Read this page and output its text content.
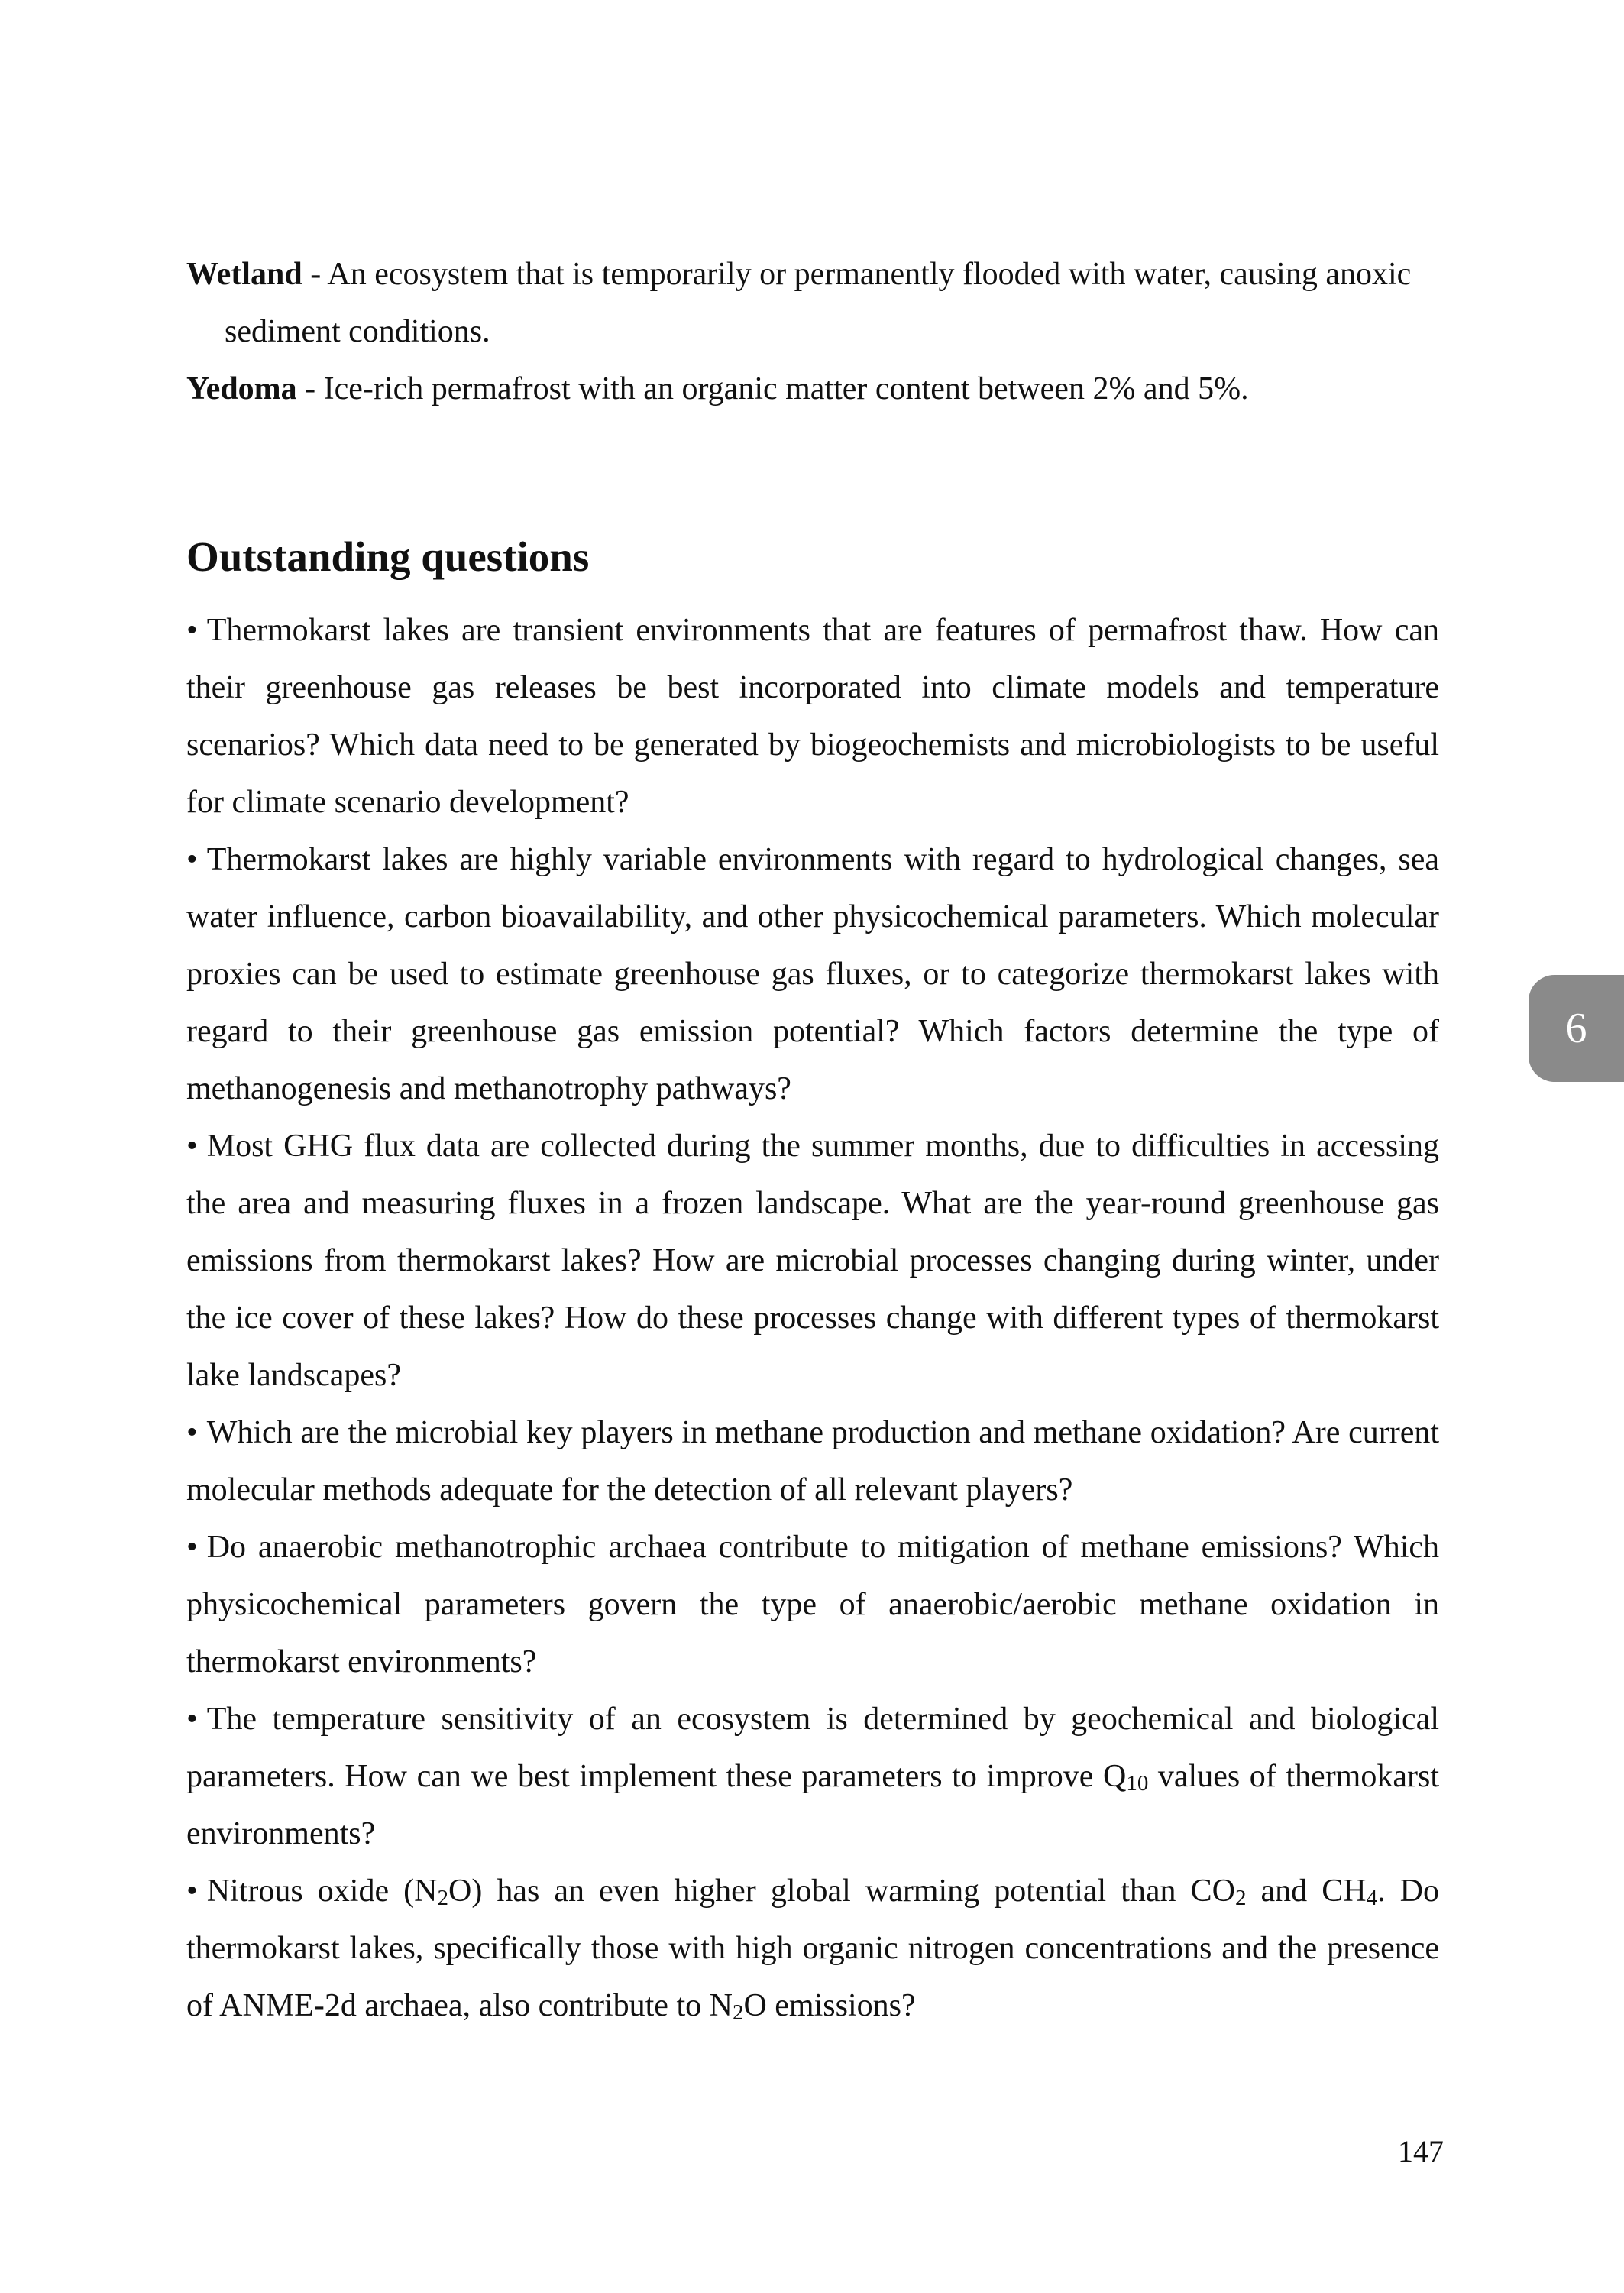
Wetland - An ecosystem that is temporarily or permanently flooded with water, causing anoxic sediment conditions.

Yedoma - Ice-rich permafrost with an organic matter content between 2% and 5%.

Outstanding questions

• Thermokarst lakes are transient environments that are features of permafrost thaw. How can their greenhouse gas releases be best incorporated into climate models and temperature scenarios? Which data need to be generated by biogeochemists and microbiologists to be useful for climate scenario development?

• Thermokarst lakes are highly variable environments with regard to hydrological changes, sea water influence, carbon bioavailability, and other physicochemical parameters. Which molecular proxies can be used to estimate greenhouse gas fluxes, or to categorize thermokarst lakes with regard to their greenhouse gas emission potential? Which factors determine the type of methanogenesis and methanotrophy pathways?

• Most GHG flux data are collected during the summer months, due to difficulties in accessing the area and measuring fluxes in a frozen landscape. What are the year-round greenhouse gas emissions from thermokarst lakes? How are microbial processes changing during winter, under the ice cover of these lakes? How do these processes change with different types of thermokarst lake landscapes?

• Which are the microbial key players in methane production and methane oxidation? Are current molecular methods adequate for the detection of all relevant players?

• Do anaerobic methanotrophic archaea contribute to mitigation of methane emissions? Which physicochemical parameters govern the type of anaerobic/aerobic methane oxidation in thermokarst environments?

• The temperature sensitivity of an ecosystem is determined by geochemical and biological parameters. How can we best implement these parameters to improve $Q_{10}$ values of thermokarst environments?

• Nitrous oxide $(N_2O)$ has an even higher global warming potential than $CO_2$ and $CH_4$. Do thermokarst lakes, specifically those with high organic nitrogen concentrations and the presence of ANME-2d archaea, also contribute to $N_2O$ emissions?

6
147
